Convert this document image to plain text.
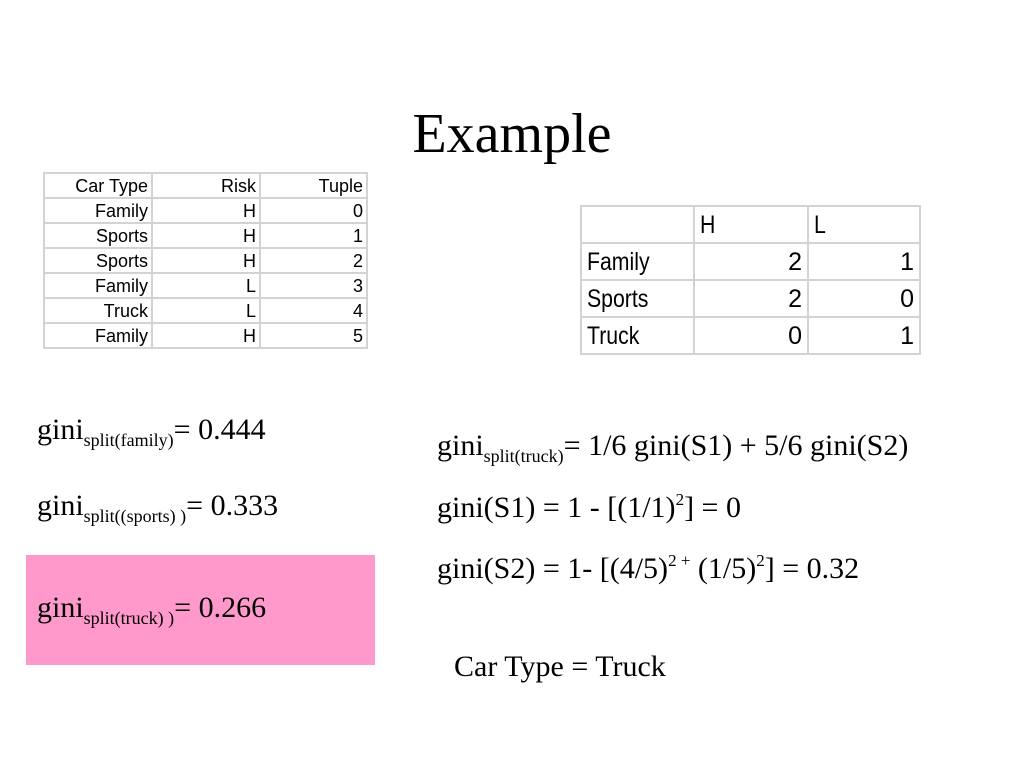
Example
Car Type	Risk	Tuple
Family	H	0
Sports	H	1
Sports	H	2
Family	L	3
Truck	L	4
Family	H	5
	H	L
Family	2	1
Sports	2	0
Truck	0	1
gini$_{split(family)}$= 0.444
gini$_{split((sports) )}$= 0.333
gini$_{split(truck) )}$= 0.266
gini$_{split(truck)}$= 1/6 gini(S1) + 5/6 gini(S2)
gini(S1) = $1 - [(1/1)^2] = 0$
gini(S2) = 1- [$(4/5)^{2 +}$ $(1/5)^2] = 0.32$
Car Type = Truck
